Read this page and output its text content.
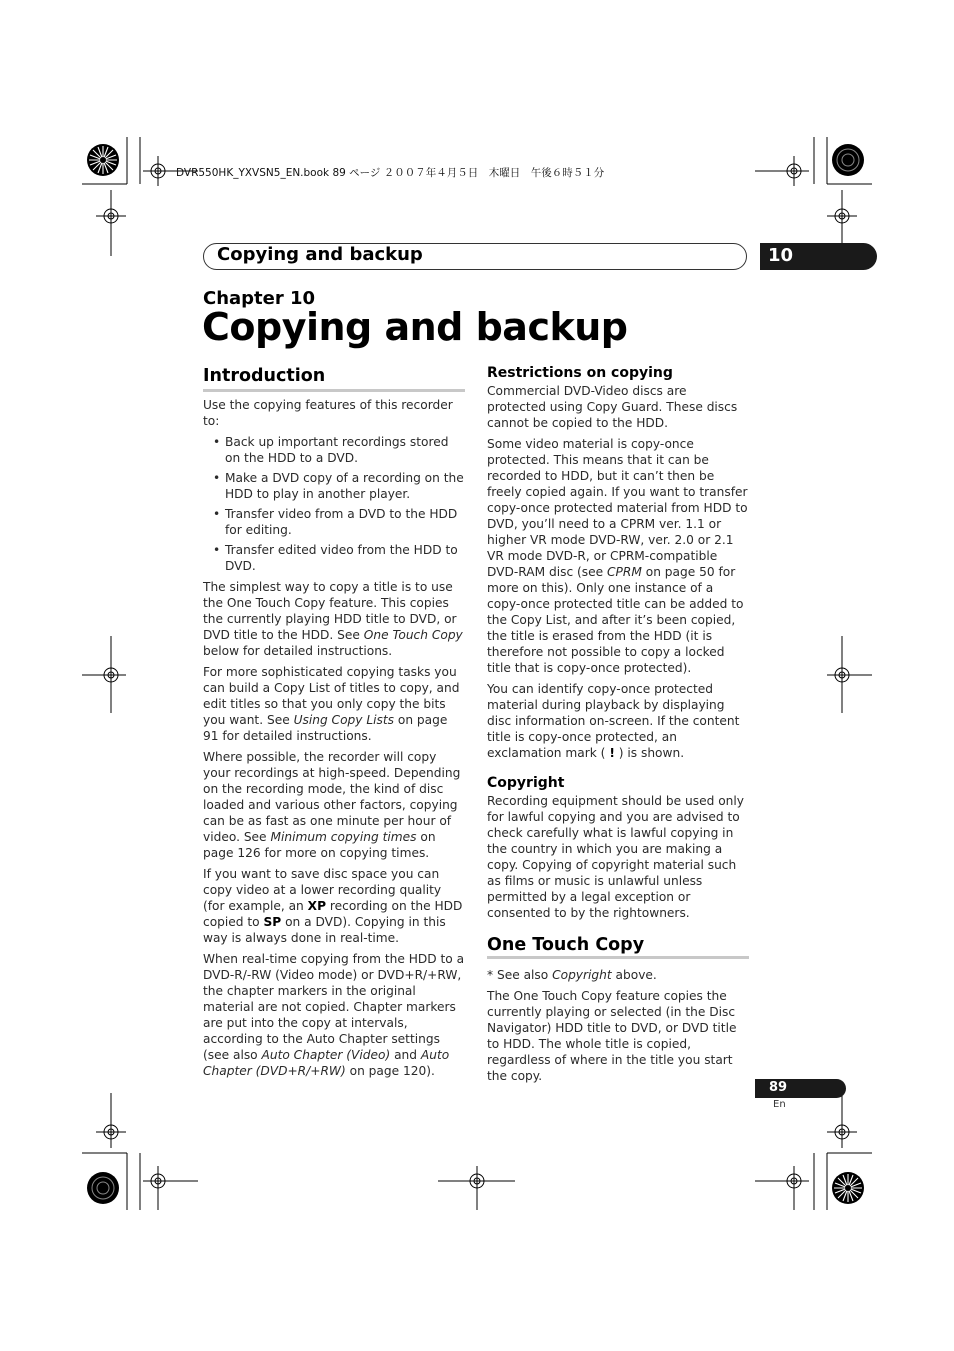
DVR550HK_YXVSN5_EN.book 89 ページ ２００７年４月５日　木曜日　午後６時５１分
Copying and backup	10
Chapter 10
Copying and backup
Introduction

Use the copying features of this recorder to:

• Back up important recordings stored on the HDD to a DVD.
• Make a DVD copy of a recording on the HDD to play in another player.
• Transfer video from a DVD to the HDD for editing.
• Transfer edited video from the HDD to DVD.

The simplest way to copy a title is to use the One Touch Copy feature. This copies the currently playing HDD title to DVD, or DVD title to the HDD. See One Touch Copy below for detailed instructions.

For more sophisticated copying tasks you can build a Copy List of titles to copy, and edit titles so that you only copy the bits you want. See Using Copy Lists on page 91 for detailed instructions.

Where possible, the recorder will copy your recordings at high-speed. Depending on the recording mode, the kind of disc loaded and various other factors, copying can be as fast as one minute per hour of video. See Minimum copying times on page 126 for more on copying times.

If you want to save disc space you can copy video at a lower recording quality (for example, an XP recording on the HDD copied to SP on a DVD). Copying in this way is always done in real-time.

When real-time copying from the HDD to a DVD-R/-RW (Video mode) or DVD+R/+RW, the chapter markers in the original material are not copied. Chapter markers are put into the copy at intervals, according to the Auto Chapter settings (see also Auto Chapter (Video) and Auto Chapter (DVD+R/+RW) on page 120).

Restrictions on copying

Commercial DVD-Video discs are protected using Copy Guard. These discs cannot be copied to the HDD.

Some video material is copy-once protected. This means that it can be recorded to HDD, but it can’t then be freely copied again. If you want to transfer copy-once protected material from HDD to DVD, you’ll need to a CPRM ver. 1.1 or higher VR mode DVD-RW, ver. 2.0 or 2.1 VR mode DVD-R, or CPRM-compatible DVD-RAM disc (see CPRM on page 50 for more on this). Only one instance of a copy-once protected title can be added to the Copy List, and after it’s been copied, the title is erased from the HDD (it is therefore not possible to copy a locked title that is copy-once protected).

You can identify copy-once protected material during playback by displaying disc information on-screen. If the content title is copy-once protected, an exclamation mark ( ! ) is shown.

Copyright

Recording equipment should be used only for lawful copying and you are advised to check carefully what is lawful copying in the country in which you are making a copy. Copying of copyright material such as films or music is unlawful unless permitted by a legal exception or consented to by the rightowners.

One Touch Copy

* See also Copyright above.

The One Touch Copy feature copies the currently playing or selected (in the Disc Navigator) HDD title to DVD, or DVD title to HDD. The whole title is copied, regardless of where in the title you start the copy.

89
En
